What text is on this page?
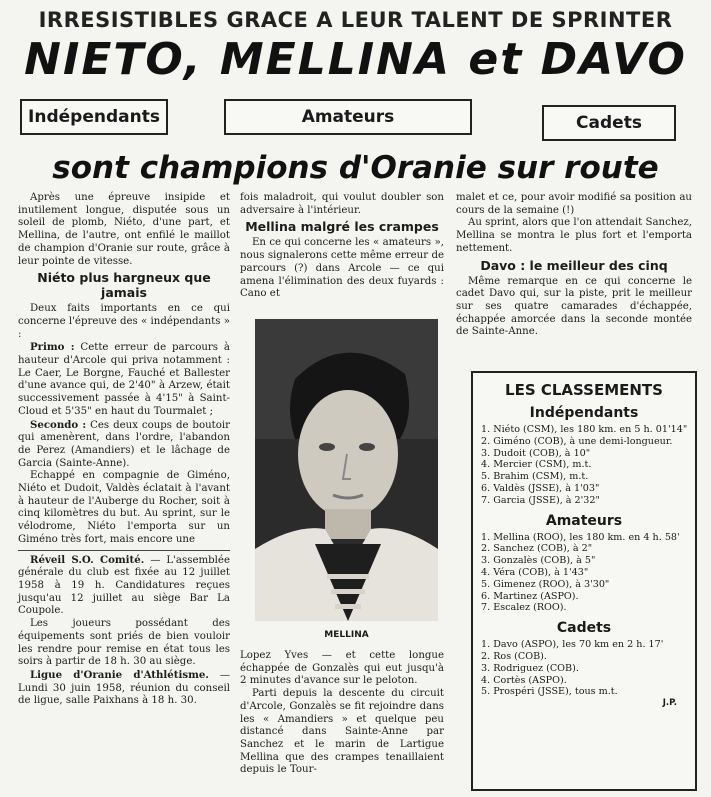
IRRESISTIBLES GRACE A LEUR TALENT DE SPRINTER
NIETO, MELLINA et DAVO
Indépendants	Amateurs	Cadets
sont champions d'Oranie sur route

Après une épreuve insipide et inutilement longue, disputée sous un soleil de plomb, Niéto, d'une part, et Mellina, de l'autre, ont enfilé le maillot de champion d'Oranie sur route, grâce à leur pointe de vitesse.

Niéto plus hargneux que jamais

Deux faits importants en ce qui concerne l'épreuve des « indépendants » :

Primo : Cette erreur de parcours à hauteur d'Arcole qui priva notamment : Le Caer, Le Borgne, Fauché et Ballester d'une avance qui, de 2'40" à Arzew, était successivement passée à 4'15" à Saint-Cloud et 5'35" en haut du Tourmalet ;

Secondo : Ces deux coups de boutoir qui amenèrent, dans l'ordre, l'abandon de Perez (Amandiers) et le lâchage de Garcia (Sainte-Anne).

Echappé en compagnie de Giméno, Niéto et Dudoit, Valdès éclatait à l'avant à hauteur de l'Auberge du Rocher, soit à cinq kilomètres du but. Au sprint, sur le vélodrome, Niéto l'emporta sur un Giménо très fort, mais encore une

Réveil S.O. Comité. — L'assemblée générale du club est fixée au 12 juillet 1958 à 19 h. Candidatures reçues jusqu'au 12 juillet au siège Bar La Coupole.

Les joueurs possédant des équipements sont priés de bien vouloir les rendre pour remise en état tous les soirs à partir de 18 h. 30 au siège.

Ligue d'Oranie d'Athlétisme. — Lundi 30 juin 1958, réunion du conseil de ligue, salle Paixhans à 18 h. 30.

fois maladroit, qui voulut doubler son adversaire à l'intérieur.

Mellina malgré les crampes

En ce qui concerne les « amateurs », nous signalerons cette même erreur de parcours (?) dans Arcole — ce qui amena l'élimination des deux fuyards : Cano et

MELLINA

Lopez Yves — et cette longue échappée de Gonzalès qui eut jusqu'à 2 minutes d'avance sur le peloton.

Parti depuis la descente du circuit d'Arcole, Gonzalès se fit rejoindre dans les « Amandiers » et quelque peu distancé dans Sainte-Anne par Sanchez et le marin de Lartigue Mellina que des crampes tenaillaient depuis le Tour-

malet et ce, pour avoir modifié sa position au cours de la semaine (!)

Au sprint, alors que l'on attendait Sanchez, Mellina se montra le plus fort et l'emporta nettement.

Davo : le meilleur des cinq

Même remarque en ce qui concerne le cadet Davo qui, sur la piste, prit le meilleur sur ses quatre camarades d'échappée, échappée amorcée dans la seconde montée de Sainte-Anne.

LES CLASSEMENTS
Indépendants
1. Niéto (CSM), les 180 km. en 5 h. 01'14"
2. Giméno (COB), à une demi-longueur.
3. Dudoit (COB), à 10"
4. Mercier (CSM), m.t.
5. Brahim (CSM), m.t.
6. Valdès (JSSE), à 1'03"
7. Garcia (JSSE), à 2'32"
Amateurs
1. Mellina (ROO), les 180 km. en 4 h. 58'
2. Sanchez (COB), à 2"
3. Gonzalès (COB), à 5"
4. Véra (COB), à 1'43"
5. Gimenez (ROO), à 3'30"
6. Martinez (ASPO).
7. Escalez (ROO).
Cadets
1. Davo (ASPO), les 70 km en 2 h. 17'
2. Ros (COB).
3. Rodriguez (COB).
4. Cortès (ASPO).
5. Prospéri (JSSE), tous m.t.
J.P.
